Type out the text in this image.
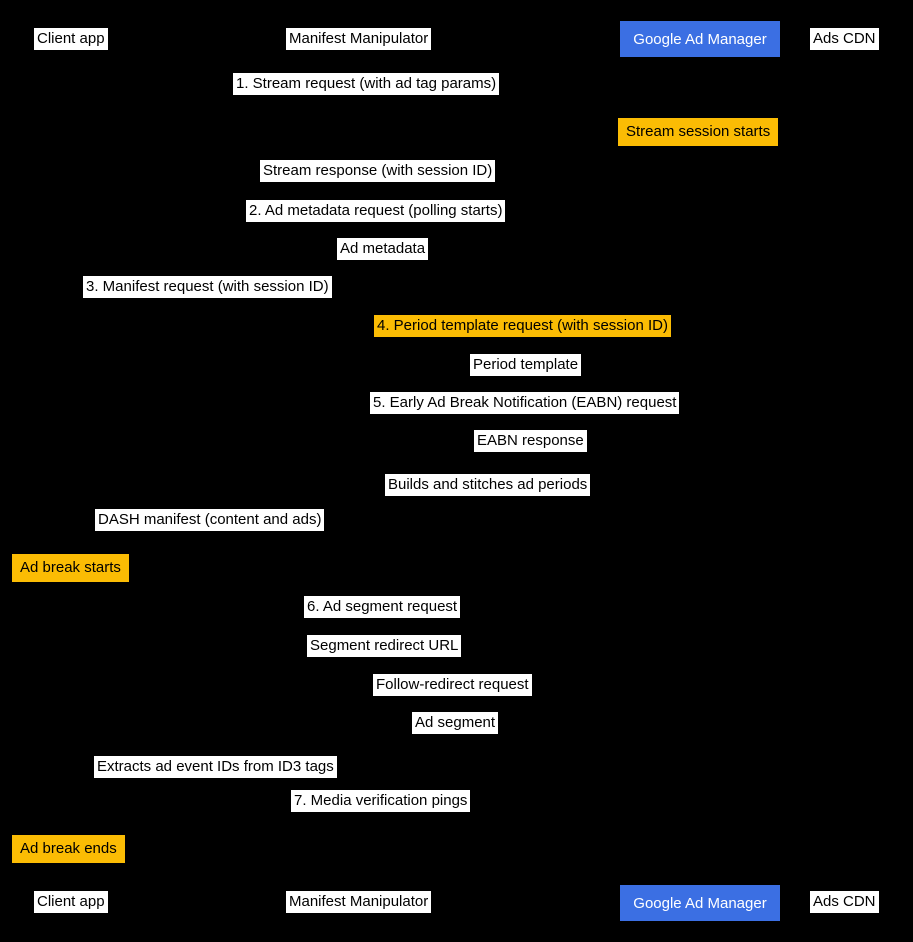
Client app	Manifest Manipulator	Google Ad Manager	Ads CDN
1. Stream request (with ad tag params)
Stream session starts
Stream response (with session ID)
2. Ad metadata request (polling starts)
Ad metadata
3. Manifest request (with session ID)
4. Period template request (with session ID)
Period template
5. Early Ad Break Notification (EABN) request
EABN response
Builds and stitches ad periods
DASH manifest (content and ads)
Ad break starts
6. Ad segment request
Segment redirect URL
Follow-redirect request
Ad segment
Extracts ad event IDs from ID3 tags
7. Media verification pings
Ad break ends
Client app	Manifest Manipulator	Google Ad Manager	Ads CDN
